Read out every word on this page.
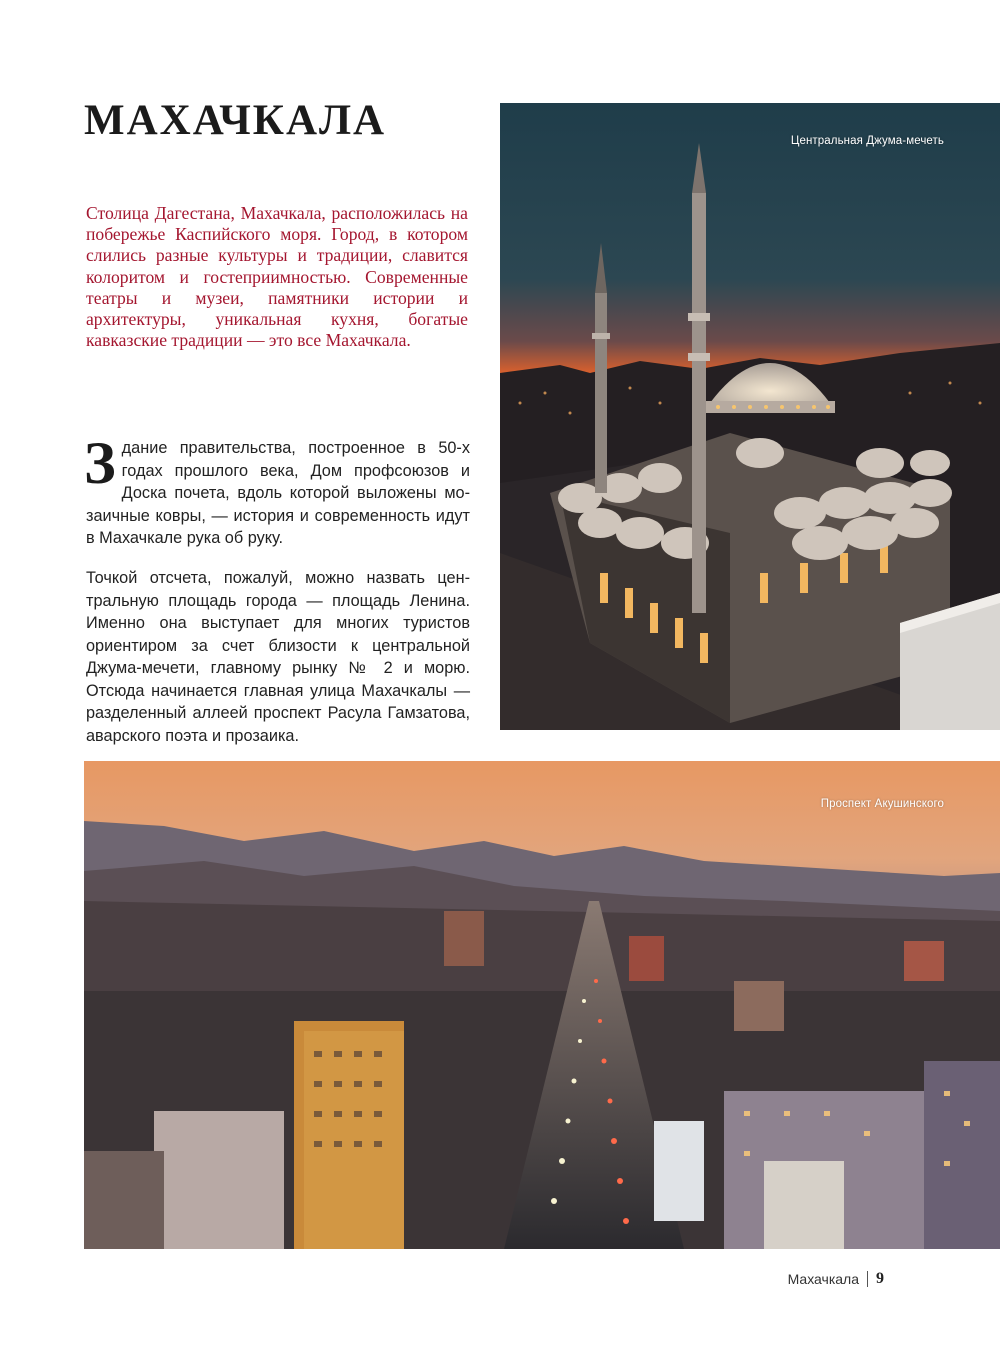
МАХАЧКАЛА

Столица Дагестана, Махачкала, расположилась на побережье Каспийского моря. Город, в котором слились разные культуры и традиции, славится колоритом и гостеприимностью. Современные театры и музеи, памятники истории и архитектуры, уникальная кухня, богатые кавказские традиции — это все Махачкала.

Здание правительства, построенное в 50-х годах прошлого века, Дом профсоюзов и Доска почета, вдоль которой выложены мозаичные ковры, — история и современность идут в Махачкале рука об руку.

Точкой отсчета, пожалуй, можно назвать центральную площадь города — площадь Ленина. Именно она выступает для многих туристов ориентиром за счет близости к центральной Джума-мечети, главному рынку № 2 и морю. Отсюда начинается главная улица Махачкалы — разделенный аллеей проспект Расула Гамзатова, аварского поэта и прозаика.

Центральная Джума-мечеть
Проспект Акушинского
Махачкала 9
